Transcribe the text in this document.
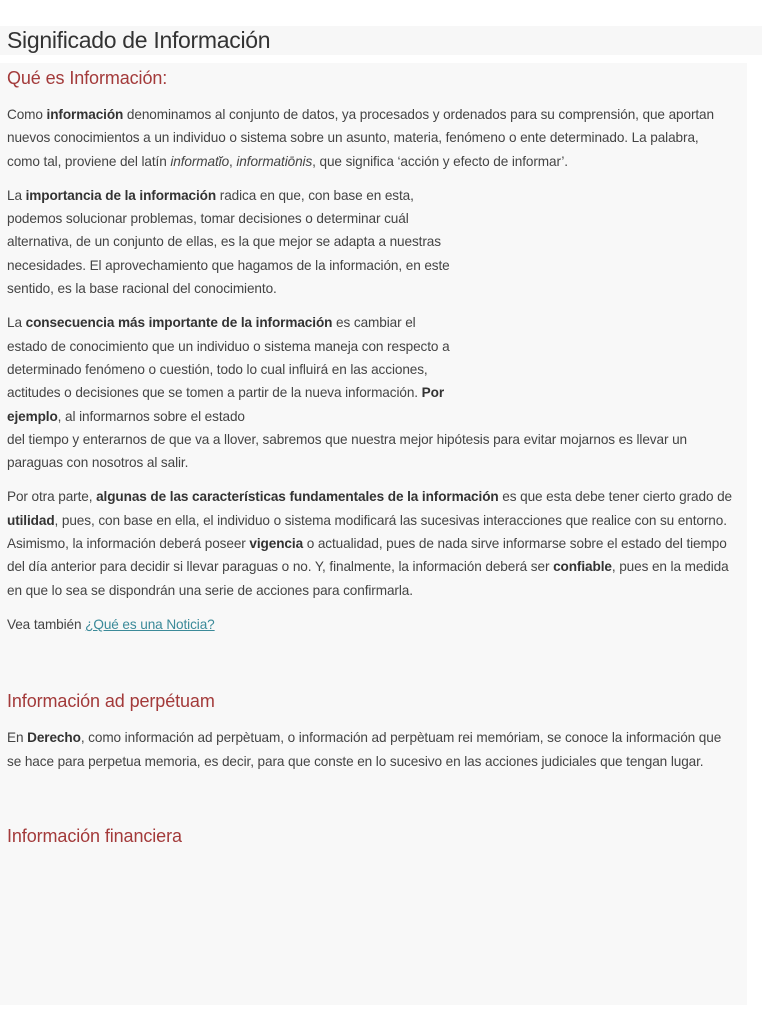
Significado de Información
Qué es Información:

Como información denominamos al conjunto de datos, ya procesados y ordenados para su comprensión, que aportan nuevos conocimientos a un individuo o sistema sobre un asunto, materia, fenómeno o ente determinado. La palabra, como tal, proviene del latín informatĭo, informatiōnis, que significa ‘acción y efecto de informar’.

La importancia de la información radica en que, con base en esta, podemos solucionar problemas, tomar decisiones o determinar cuál alternativa, de un conjunto de ellas, es la que mejor se adapta a nuestras necesidades. El aprovechamiento que hagamos de la información, en este sentido, es la base racional del conocimiento.

La consecuencia más importante de la información es cambiar el estado de conocimiento que un individuo o sistema maneja con respecto a determinado fenómeno o cuestión, todo lo cual influirá en las acciones, actitudes o decisiones que se tomen a partir de la nueva información. Por ejemplo, al informarnos sobre el estado

del tiempo y enterarnos de que va a llover, sabremos que nuestra mejor hipótesis para evitar mojarnos es llevar un paraguas con nosotros al salir.

Por otra parte, algunas de las características fundamentales de la información es que esta debe tener cierto grado de utilidad, pues, con base en ella, el individuo o sistema modificará las sucesivas interacciones que realice con su entorno. Asimismo, la información deberá poseer vigencia o actualidad, pues de nada sirve informarse sobre el estado del tiempo del día anterior para decidir si llevar paraguas o no. Y, finalmente, la información deberá ser confiable, pues en la medida en que lo sea se dispondrán una serie de acciones para confirmarla.

Vea también ¿Qué es una Noticia?

Información ad perpétuam

En Derecho, como información ad perpètuam, o información ad perpètuam rei memóriam, se conoce la información que se hace para perpetua memoria, es decir, para que conste en lo sucesivo en las acciones judiciales que tengan lugar.

Información financiera
